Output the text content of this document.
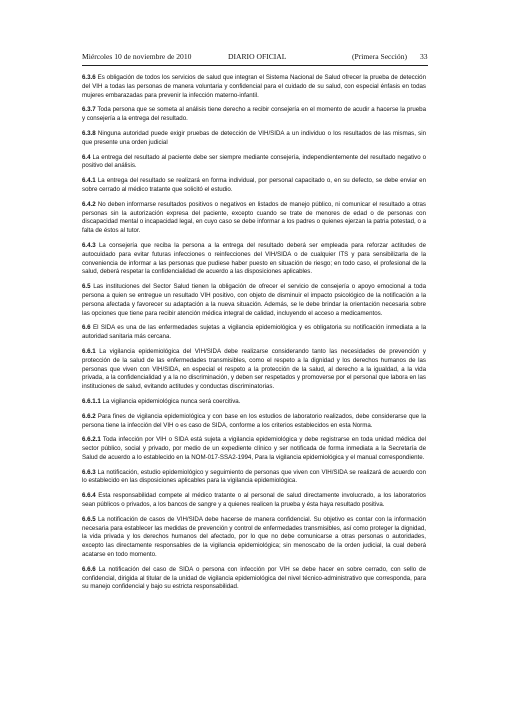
Miércoles 10 de noviembre de 2010	DIARIO OFICIAL	(Primera Sección) 33

6.3.6 Es obligación de todos los servicios de salud que integran el Sistema Nacional de Salud ofrecer la prueba de detección del VIH a todas las personas de manera voluntaria y confidencial para el cuidado de su salud, con especial énfasis en todas mujeres embarazadas para prevenir la infección materno-infantil.

6.3.7 Toda persona que se someta al análisis tiene derecho a recibir consejería en el momento de acudir a hacerse la prueba y consejería a la entrega del resultado.

6.3.8 Ninguna autoridad puede exigir pruebas de detección de VIH/SIDA a un individuo o los resultados de las mismas, sin que presente una orden judicial

6.4 La entrega del resultado al paciente debe ser siempre mediante consejería, independientemente del resultado negativo o positivo del análisis.

6.4.1 La entrega del resultado se realizará en forma individual, por personal capacitado o, en su defecto, se debe enviar en sobre cerrado al médico tratante que solicitó el estudio.

6.4.2 No deben informarse resultados positivos o negativos en listados de manejo público, ni comunicar el resultado a otras personas sin la autorización expresa del paciente, excepto cuando se trate de menores de edad o de personas con discapacidad mental o incapacidad legal, en cuyo caso se debe informar a los padres o quienes ejerzan la patria potestad, o a falta de éstos al tutor.

6.4.3 La consejería que reciba la persona a la entrega del resultado deberá ser empleada para reforzar actitudes de autocuidado para evitar futuras infecciones o reinfecciones del VIH/SIDA o de cualquier ITS y para sensibilizarla de la conveniencia de informar a las personas que pudiese haber puesto en situación de riesgo; en todo caso, el profesional de la salud, deberá respetar la confidencialidad de acuerdo a las disposiciones aplicables.

6.5 Las instituciones del Sector Salud tienen la obligación de ofrecer el servicio de consejería o apoyo emocional a toda persona a quien se entregue un resultado VIH positivo, con objeto de disminuir el impacto psicológico de la notificación a la persona afectada y favorecer su adaptación a la nueva situación. Además, se le debe brindar la orientación necesaria sobre las opciones que tiene para recibir atención médica integral de calidad, incluyendo el acceso a medicamentos.

6.6 El SIDA es una de las enfermedades sujetas a vigilancia epidemiológica y es obligatoria su notificación inmediata a la autoridad sanitaria más cercana.

6.6.1 La vigilancia epidemiológica del VIH/SIDA debe realizarse considerando tanto las necesidades de prevención y protección de la salud de las enfermedades transmisibles, como el respeto a la dignidad y los derechos humanos de las personas que viven con VIH/SIDA, en especial el respeto a la protección de la salud, al derecho a la igualdad, a la vida privada, a la confidencialidad y a la no discriminación, y deben ser respetados y promoverse por el personal que labora en las instituciones de salud, evitando actitudes y conductas discriminatorias.

6.6.1.1 La vigilancia epidemiológica nunca será coercitiva.

6.6.2 Para fines de vigilancia epidemiológica y con base en los estudios de laboratorio realizados, debe considerarse que la persona tiene la infección del VIH o es caso de SIDA, conforme a los criterios establecidos en esta Norma.

6.6.2.1 Toda infección por VIH o SIDA está sujeta a vigilancia epidemiológica y debe registrarse en toda unidad médica del sector público, social y privado, por medio de un expediente clínico y ser notificada de forma inmediata a la Secretaría de Salud de acuerdo a lo establecido en la NOM-017-SSA2-1994, Para la vigilancia epidemiológica y el manual correspondiente.

6.6.3 La notificación, estudio epidemiológico y seguimiento de personas que viven con VIH/SIDA se realizará de acuerdo con lo establecido en las disposiciones aplicables para la vigilancia epidemiológica.

6.6.4 Esta responsabilidad compete al médico tratante o al personal de salud directamente involucrado, a los laboratorios sean públicos o privados, a los bancos de sangre y a quienes realicen la prueba y ésta haya resultado positiva.

6.6.5 La notificación de casos de VIH/SIDA debe hacerse de manera confidencial. Su objetivo es contar con la información necesaria para establecer las medidas de prevención y control de enfermedades transmisibles, así como proteger la dignidad, la vida privada y los derechos humanos del afectado, por lo que no debe comunicarse a otras personas o autoridades, excepto las directamente responsables de la vigilancia epidemiológica; sin menoscabo de la orden judicial, la cual deberá acatarse en todo momento.

6.6.6 La notificación del caso de SIDA o persona con infección por VIH se debe hacer en sobre cerrado, con sello de confidencial, dirigida al titular de la unidad de vigilancia epidemiológica del nivel técnico-administrativo que corresponda, para su manejo confidencial y bajo su estricta responsabilidad.
